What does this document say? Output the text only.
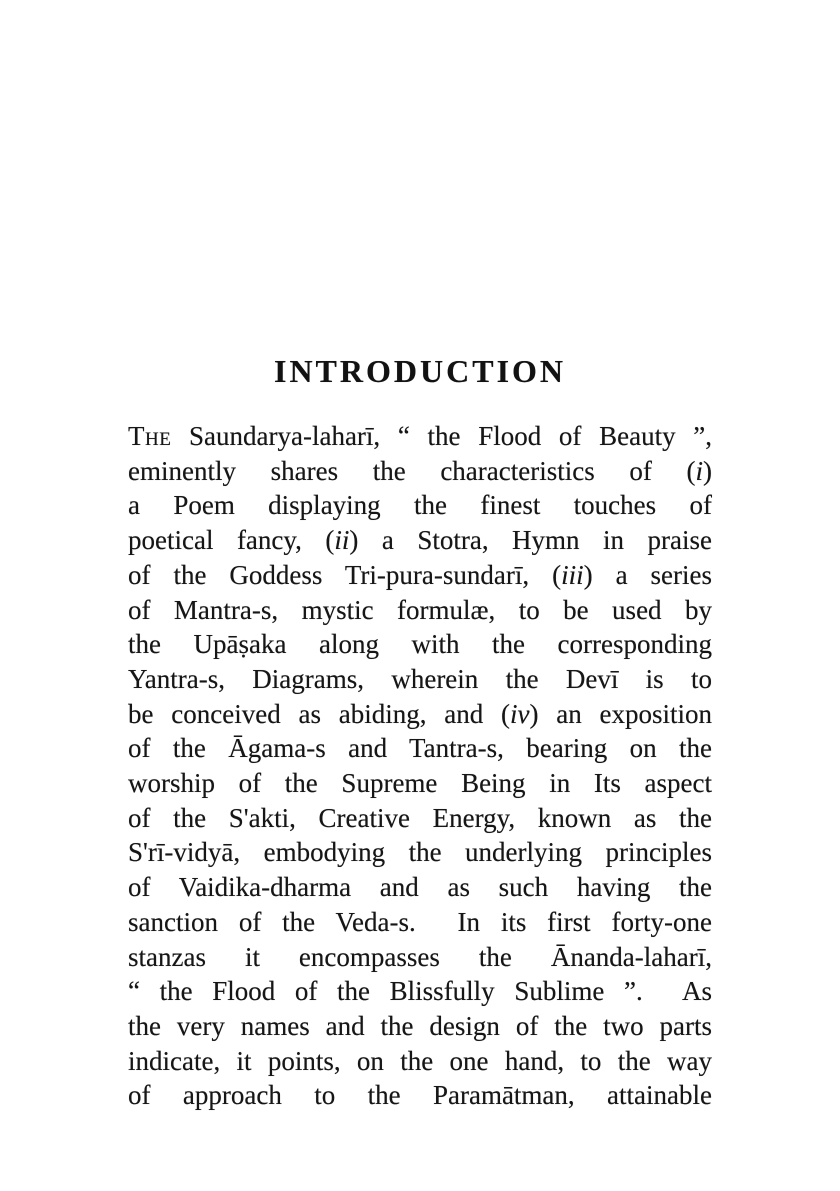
INTRODUCTION
The Saundarya-laharī, “ the Flood of Beauty ”,
eminently shares the characteristics of (i)
a Poem displaying the finest touches of
poetical fancy, (ii) a Stotra, Hymn in praise
of the Goddess Tri-pura-sundarī, (iii) a series
of Mantra-s, mystic formulæ, to be used by
the Upāṣaka along with the corresponding
Yantra-s, Diagrams, wherein the Devī is to
be conceived as abiding, and (iv) an exposition
of the Āgama-s and Tantra-s, bearing on the
worship of the Supreme Being in Its aspect
of the S'akti, Creative Energy, known as the
S'rī-vidyā, embodying the underlying principles
of Vaidika-dharma and as such having the
sanction of the Veda-s.  In its first forty-one
stanzas it encompasses the Ānanda-laharī,
“ the Flood of the Blissfully Sublime ”.  As
the very names and the design of the two parts
indicate, it points, on the one hand, to the way
of approach to the Paramātman, attainable
